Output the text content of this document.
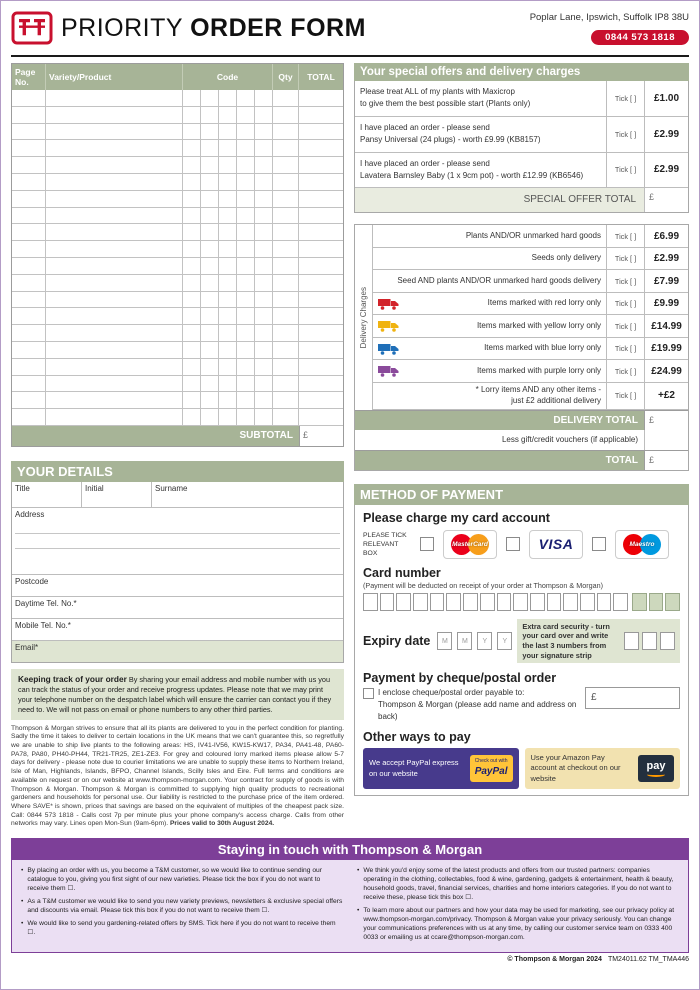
PRIORITY ORDER FORM	Poplar Lane, Ipswich, Suffolk IP8 38U
0844 573 1818
Page No.	Variety/Product	Code	Qty	TOTAL
SUBTOTAL	£
YOUR DETAILS
Title	Initial	Surname
Address
Postcode
Daytime Tel. No.*
Mobile Tel. No.*
Email*
Keeping track of your order By sharing your email address and mobile number with us you can track the status of your order and receive progress updates. Please note that we may print your telephone number on the despatch label which will ensure the carrier can contact you if they need to. We will not pass on email or phone numbers to any other third parties.
Thompson & Morgan strives to ensure that all its plants are delivered to you in the perfect condition for planting. Sadly the time it takes to deliver to certain locations in the UK means that we can't guarantee this, so regretfully we are unable to ship live plants to the following areas: HS, IV41-IV56, KW15-KW17, PA34, PA41-48, PA60-PA78, PA80, PH40-PH44, TR21-TR25, ZE1-ZE3. For grey and coloured lorry marked items please allow 5-7 days for delivery - please note due to courier limitations we are unable to supply these items to Northern Ireland, Isle of Man, Highlands, Islands, BFPO, Channel Islands, Scilly Isles and Eire. Full terms and conditions are available on request or on our website at www.thompson-morgan.com. Your contract for supply of goods is with Thompson & Morgan. Thompson & Morgan is committed to supplying high quality products to recreational gardeners and households for personal use. Our liability is restricted to the purchase price of the item ordered. Where SAVE* is shown, prices that savings are based on the equivalent of multiples of the cheapest pack size. Call: 0844 573 1818 - Calls cost 7p per minute plus your phone company's access charge. Calls from other networks may vary. Lines open Mon-Sun (9am-6pm). Prices valid to 30th August 2024.
Your special offers and delivery charges
Please treat ALL of my plants with Maxicrop
to give them the best possible start (Plants only)
Tick [ ]	£1.00
I have placed an order - please send
Pansy Universal (24 plugs) - worth £9.99 (KB8157)
Tick [ ]	£2.99
I have placed an order - please send
Lavatera Barnsley Baby (1 x 9cm pot) - worth £12.99 (KB6546)
Tick [ ]	£2.99
SPECIAL OFFER TOTAL	£
Delivery Charges
Plants AND/OR unmarked hard goods	Tick [ ]	£6.99
Seeds only delivery	Tick [ ]	£2.99
Seed AND plants AND/OR unmarked hard goods delivery	Tick [ ]	£7.99
Items marked with red lorry only	Tick [ ]	£9.99
Items marked with yellow lorry only	Tick [ ]	£14.99
Items marked with blue lorry only	Tick [ ]	£19.99
Items marked with purple lorry only	Tick [ ]	£24.99
* Lorry items AND any other items -
just £2 additional delivery	Tick [ ]	+£2
DELIVERY TOTAL	£
Less gift/credit vouchers (if applicable)
TOTAL	£
METHOD OF PAYMENT
Please charge my card account
PLEASE TICK
RELEVANT BOX
MasterCard	VISA	Maestro
Card number
(Payment will be deducted on receipt of your order at Thompson & Morgan)
Expiry date	M	M	Y	Y
Extra card security - turn your card over and write the last 3 numbers from your signature strip
Payment by cheque/postal order
I enclose cheque/postal order payable to:
Thompson & Morgan (please add name and address on back)
£
Other ways to pay
We accept PayPal express on our website
Check out with
PayPal
Use your Amazon Pay account at checkout on our website
pay
Staying in touch with Thompson & Morgan
• By placing an order with us, you become a T&M customer, so we would like to continue sending our catalogue to you, giving you first sight of our new varieties. Please tick the box if you do not want to receive them ☐.
• As a T&M customer we would like to send you new variety previews, newsletters & exclusive special offers and discounts via email. Please tick this box if you do not want to receive them ☐.
• We would like to send you gardening-related offers by SMS. Tick here if you do not want to receive them ☐.
• We think you'd enjoy some of the latest products and offers from our trusted partners: companies operating in the clothing, collectables, food & wine, gardening, gadgets & entertainment, health & beauty, household goods, travel, financial services, charities and home interiors categories. If you do not want to receive these, please tick this box ☐.
• To learn more about our partners and how your data may be used for marketing, see our privacy policy at www.thompson-morgan.com/privacy. Thompson & Morgan value your privacy seriously. You can change your communications preferences with us at any time, by calling our customer service team on 0333 400 0033 or emailing us at ccare@thompson-morgan.com.
© Thompson & Morgan 2024 TM24011.62 TM_TMA446
